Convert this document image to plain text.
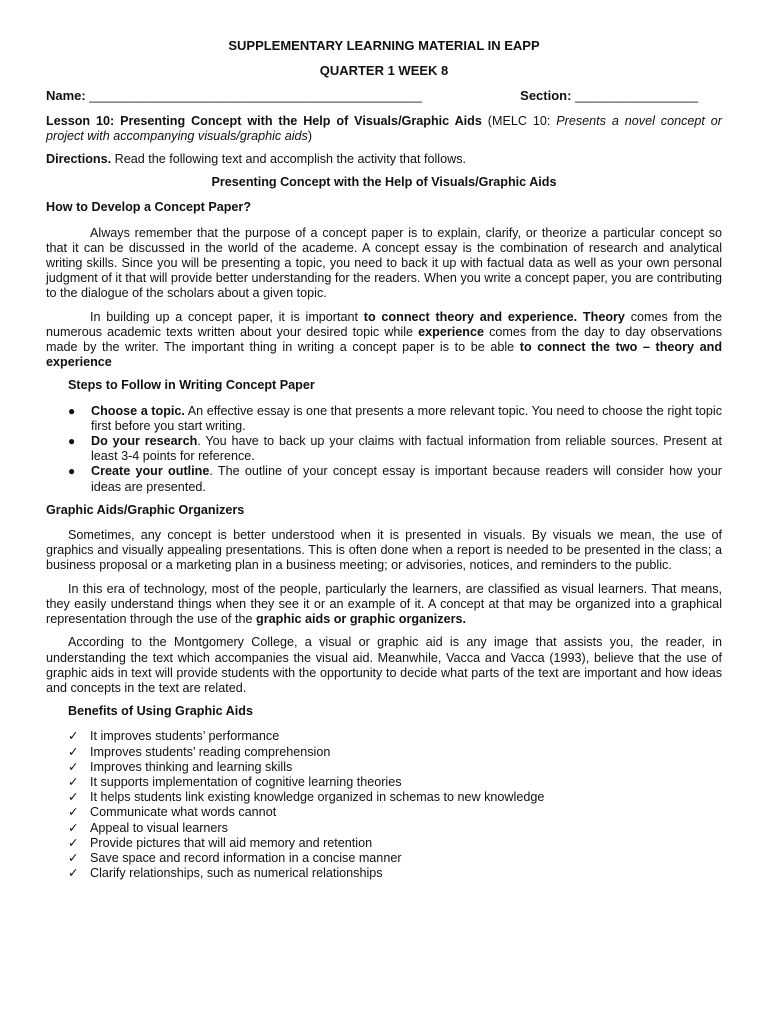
SUPPLEMENTARY LEARNING MATERIAL IN EAPP
QUARTER 1 WEEK 8
Name: ______________________________________________	Section: _________________

Lesson 10: Presenting Concept with the Help of Visuals/Graphic Aids (MELC 10: Presents a novel concept or project with accompanying visuals/graphic aids)

Directions. Read the following text and accomplish the activity that follows.

Presenting Concept with the Help of Visuals/Graphic Aids
How to Develop a Concept Paper?

Always remember that the purpose of a concept paper is to explain, clarify, or theorize a particular concept so that it can be discussed in the world of the academe. A concept essay is the combination of research and analytical writing skills. Since you will be presenting a topic, you need to back it up with factual data as well as your own personal judgment of it that will provide better understanding for the readers. When you write a concept paper, you are contributing to the dialogue of the scholars about a given topic.

In building up a concept paper, it is important to connect theory and experience. Theory comes from the numerous academic texts written about your desired topic while experience comes from the day to day observations made by the writer. The important thing in writing a concept paper is to be able to connect the two – theory and experience

Steps to Follow in Writing Concept Paper
● Choose a topic. An effective essay is one that presents a more relevant topic. You need to choose the right topic first before you start writing.
● Do your research. You have to back up your claims with factual information from reliable sources. Present at least 3-4 points for reference.
● Create your outline. The outline of your concept essay is important because readers will consider how your ideas are presented.
Graphic Aids/Graphic Organizers

Sometimes, any concept is better understood when it is presented in visuals. By visuals we mean, the use of graphics and visually appealing presentations. This is often done when a report is needed to be presented in the class; a business proposal or a marketing plan in a business meeting; or advisories, notices, and reminders to the public.

In this era of technology, most of the people, particularly the learners, are classified as visual learners. That means, they easily understand things when they see it or an example of it. A concept at that may be organized into a graphical representation through the use of the graphic aids or graphic organizers.

According to the Montgomery College, a visual or graphic aid is any image that assists you, the reader, in understanding the text which accompanies the visual aid. Meanwhile, Vacca and Vacca (1993), believe that the use of graphic aids in text will provide students with the opportunity to decide what parts of the text are important and how ideas and concepts in the text are related.

Benefits of Using Graphic Aids
✓ It improves students’ performance
✓ Improves students’ reading comprehension
✓ Improves thinking and learning skills
✓ It supports implementation of cognitive learning theories
✓ It helps students link existing knowledge organized in schemas to new knowledge
✓ Communicate what words cannot
✓ Appeal to visual learners
✓ Provide pictures that will aid memory and retention
✓ Save space and record information in a concise manner
✓ Clarify relationships, such as numerical relationships
